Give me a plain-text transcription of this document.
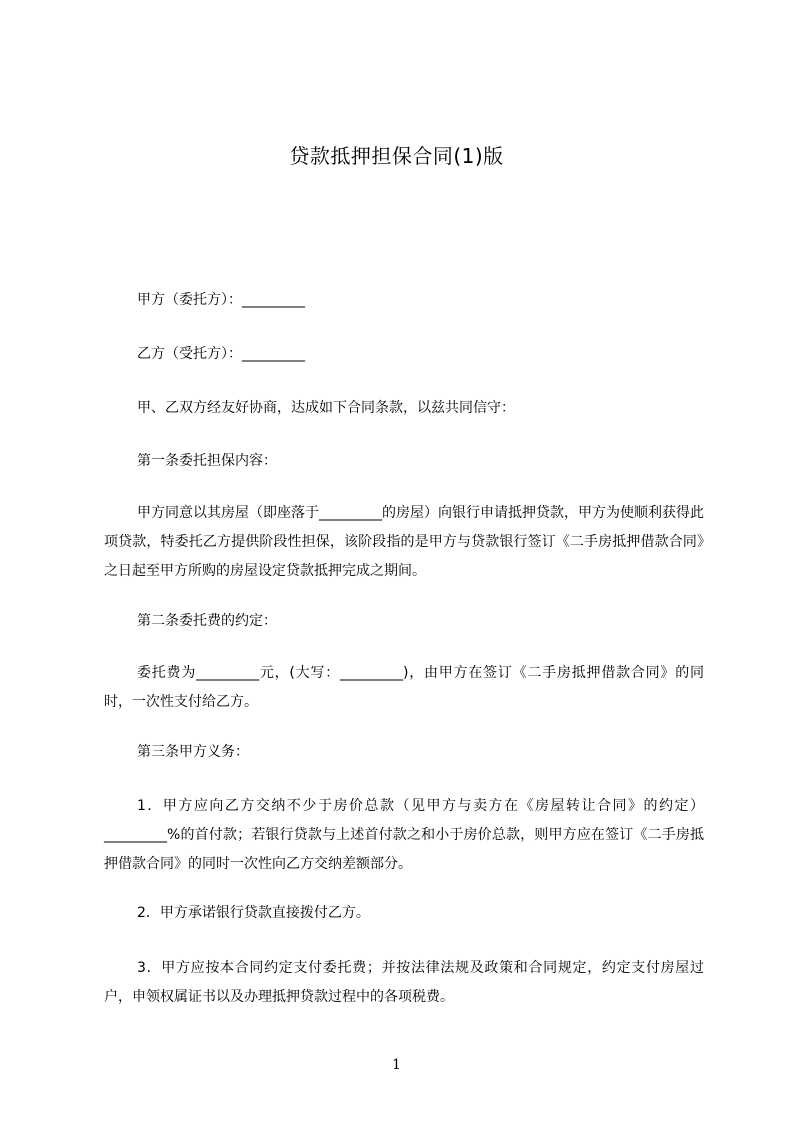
贷款抵押担保合同(1)版
甲方（委托方）：_________
乙方（受托方）：_________
甲、乙双方经友好协商，达成如下合同条款，以兹共同信守：
第一条委托担保内容：
甲方同意以其房屋（即座落于_________的房屋）向银行申请抵押贷款，甲方为使顺利获得此项贷款，特委托乙方提供阶段性担保，该阶段指的是甲方与贷款银行签订《二手房抵押借款合同》之日起至甲方所购的房屋设定贷款抵押完成之期间。
第二条委托费的约定：
委托费为_________元，(大写：_________)，由甲方在签订《二手房抵押借款合同》的同时，一次性支付给乙方。
第三条甲方义务：
1．甲方应向乙方交纳不少于房价总款（见甲方与卖方在《房屋转让合同》的约定）_________%的首付款；若银行贷款与上述首付款之和小于房价总款，则甲方应在签订《二手房抵押借款合同》的同时一次性向乙方交纳差额部分。
2．甲方承诺银行贷款直接拨付乙方。
3．甲方应按本合同约定支付委托费；并按法律法规及政策和合同规定，约定支付房屋过户，申领权属证书以及办理抵押贷款过程中的各项税费。
1
